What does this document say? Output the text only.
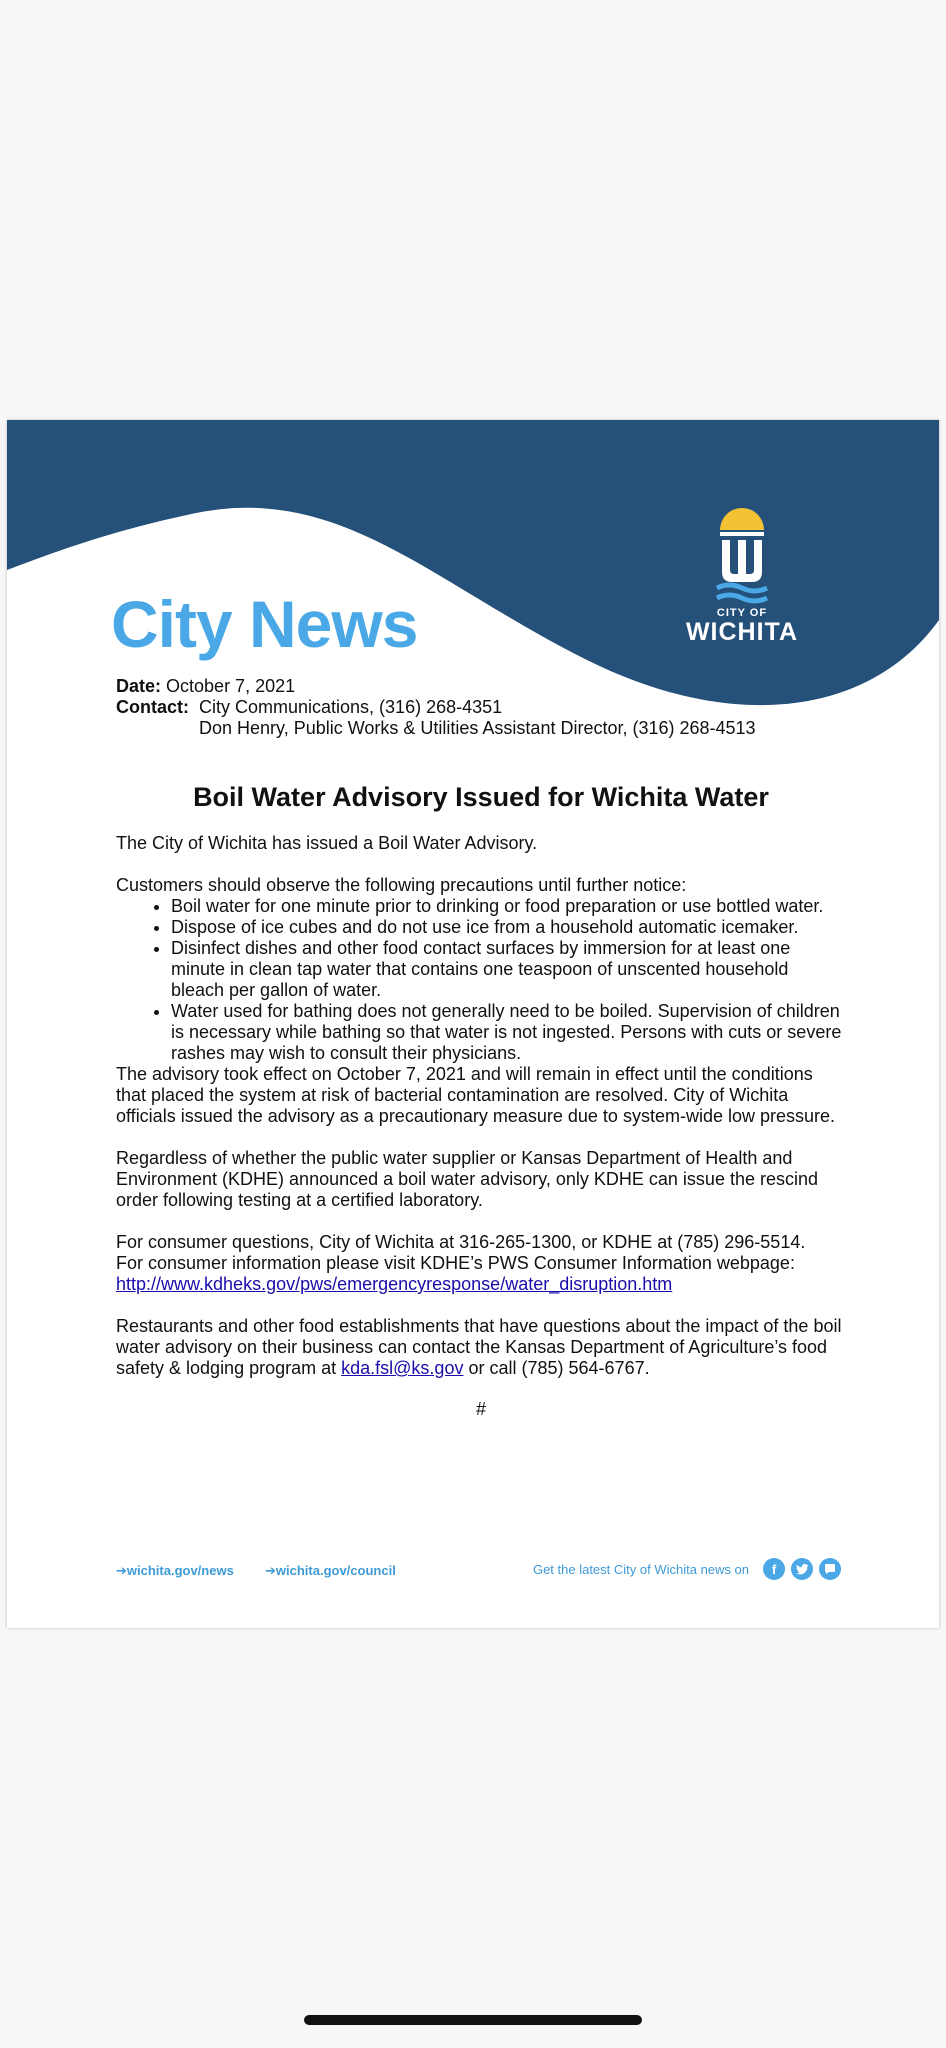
City News	CITY OF
WICHITA

Date: October 7, 2021

Contact: City Communications, (316) 268-4351
Don Henry, Public Works & Utilities Assistant Director, (316) 268-4513
Boil Water Advisory Issued for Wichita Water

The City of Wichita has issued a Boil Water Advisory.

Customers should observe the following precautions until further notice:

• Boil water for one minute prior to drinking or food preparation or use bottled water.
• Dispose of ice cubes and do not use ice from a household automatic icemaker.
• Disinfect dishes and other food contact surfaces by immersion for at least one minute in clean tap water that contains one teaspoon of unscented household bleach per gallon of water.
• Water used for bathing does not generally need to be boiled. Supervision of children is necessary while bathing so that water is not ingested. Persons with cuts or severe rashes may wish to consult their physicians.

The advisory took effect on October 7, 2021 and will remain in effect until the conditions that placed the system at risk of bacterial contamination are resolved. City of Wichita officials issued the advisory as a precautionary measure due to system-wide low pressure.

Regardless of whether the public water supplier or Kansas Department of Health and Environment (KDHE) announced a boil water advisory, only KDHE can issue the rescind order following testing at a certified laboratory.

For consumer questions, City of Wichita at 316-265-1300, or KDHE at (785) 296-5514.

For consumer information please visit KDHE’s PWS Consumer Information webpage:

http://www.kdheks.gov/pws/emergencyresponse/water_disruption.htm

Restaurants and other food establishments that have questions about the impact of the boil water advisory on their business can contact the Kansas Department of Agriculture’s food safety & lodging program at kda.fsl@ks.gov or call (785) 564-6767.

#
➔wichita.gov/news ➔wichita.gov/council	Get the latest City of Wichita news on	f
